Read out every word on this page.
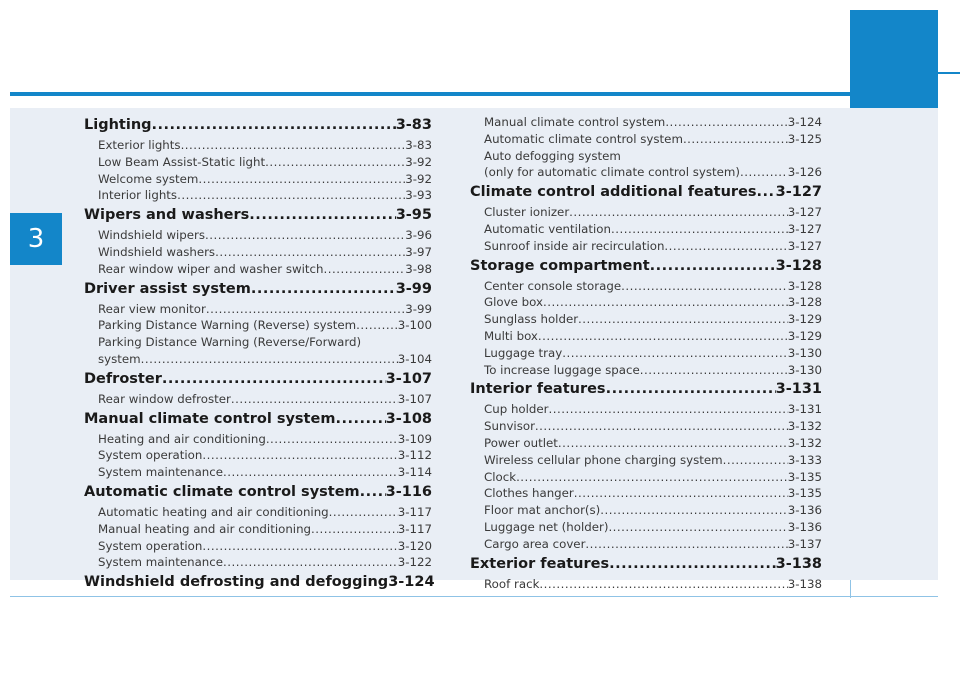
3
Lighting .....	3-83
Exterior lights .....	3-83
Low Beam Assist-Static light .....	3-92
Welcome system .....	3-92
Interior lights .....	3-93
Wipers and washers .....	3-95
Windshield wipers .....	3-96
Windshield washers .....	3-97
Rear window wiper and washer switch .....	3-98
Driver assist system .....	3-99
Rear view monitor .....	3-99
Parking Distance Warning (Reverse) system .....	3-100
Parking Distance Warning (Reverse/Forward)
system .....	3-104
Defroster .....	3-107
Rear window defroster .....	3-107
Manual climate control system .....	3-108
Heating and air conditioning .....	3-109
System operation .....	3-112
System maintenance .....	3-114
Automatic climate control system ..... 3-116
Automatic heating and air conditioning .....	3-117
Manual heating and air conditioning .....	3-117
System operation .....	3-120
System maintenance .....	3-122
Windshield defrosting and defogging 3-124
Manual climate control system .....	3-124
Automatic climate control system .....	3-125
Auto defogging system
(only for automatic climate control system) .....	3-126
Climate control additional features ..... 3-127
Cluster ionizer .....	3-127
Automatic ventilation .....	3-127
Sunroof inside air recirculation .....	3-127
Storage compartment .....	3-128
Center console storage .....	3-128
Glove box .....	3-128
Sunglass holder .....	3-129
Multi box .....	3-129
Luggage tray .....	3-130
To increase luggage space .....	3-130
Interior features .....	3-131
Cup holder .....	3-131
Sunvisor .....	3-132
Power outlet .....	3-132
Wireless cellular phone charging system .....	3-133
Clock .....	3-135
Clothes hanger .....	3-135
Floor mat anchor(s) .....	3-136
Luggage net (holder) .....	3-136
Cargo area cover .....	3-137
Exterior features .....	3-138
Roof rack .....	3-138
